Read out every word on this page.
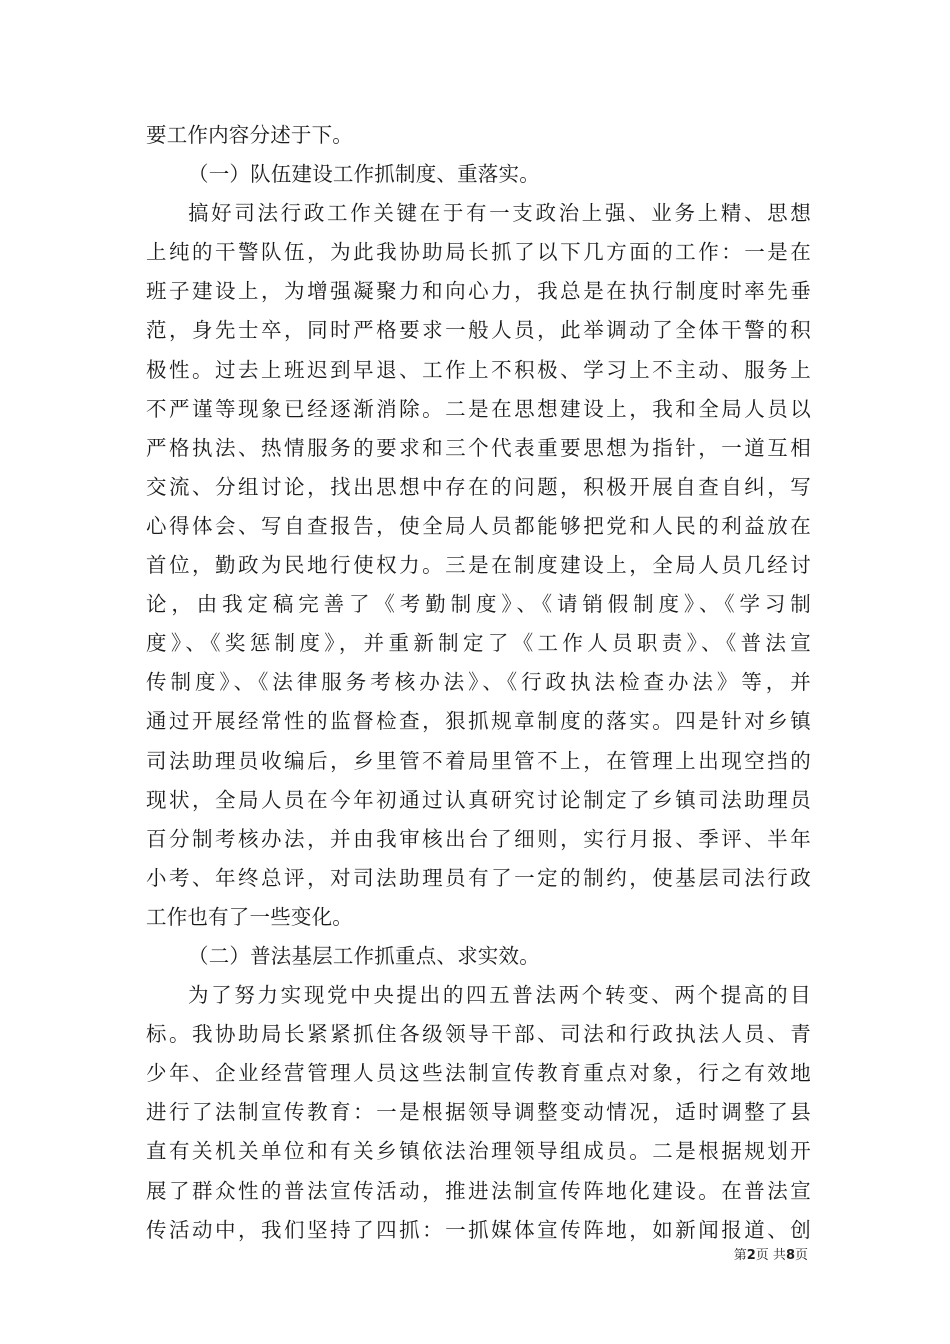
要工作内容分述于下。
（一）队伍建设工作抓制度、重落实。
搞好司法行政工作关键在于有一支政治上强、业务上精、思想
上纯的干警队伍，为此我协助局长抓了以下几方面的工作：一是在
班子建设上，为增强凝聚力和向心力，我总是在执行制度时率先垂
范，身先士卒，同时严格要求一般人员，此举调动了全体干警的积
极性。过去上班迟到早退、工作上不积极、学习上不主动、服务上
不严谨等现象已经逐渐消除。二是在思想建设上，我和全局人员以
严格执法、热情服务的要求和三个代表重要思想为指针，一道互相
交流、分组讨论，找出思想中存在的问题，积极开展自查自纠，写
心得体会、写自查报告，使全局人员都能够把党和人民的利益放在
首位，勤政为民地行使权力。三是在制度建设上，全局人员几经讨
论，由我定稿完善了《考勤制度》、《请销假制度》、《学习制
度》、《奖惩制度》，并重新制定了《工作人员职责》、《普法宣
传制度》、《法律服务考核办法》、《行政执法检查办法》等，并
通过开展经常性的监督检查，狠抓规章制度的落实。四是针对乡镇
司法助理员收编后，乡里管不着局里管不上，在管理上出现空挡的
现状，全局人员在今年初通过认真研究讨论制定了乡镇司法助理员
百分制考核办法，并由我审核出台了细则，实行月报、季评、半年
小考、年终总评，对司法助理员有了一定的制约，使基层司法行政
工作也有了一些变化。
（二）普法基层工作抓重点、求实效。
为了努力实现党中央提出的四五普法两个转变、两个提高的目
标。我协助局长紧紧抓住各级领导干部、司法和行政执法人员、青
少年、企业经营管理人员这些法制宣传教育重点对象，行之有效地
进行了法制宣传教育：一是根据领导调整变动情况，适时调整了县
直有关机关单位和有关乡镇依法治理领导组成员。二是根据规划开
展了群众性的普法宣传活动，推进法制宣传阵地化建设。在普法宣
传活动中，我们坚持了四抓：一抓媒体宣传阵地，如新闻报道、创
第2页 共8页
